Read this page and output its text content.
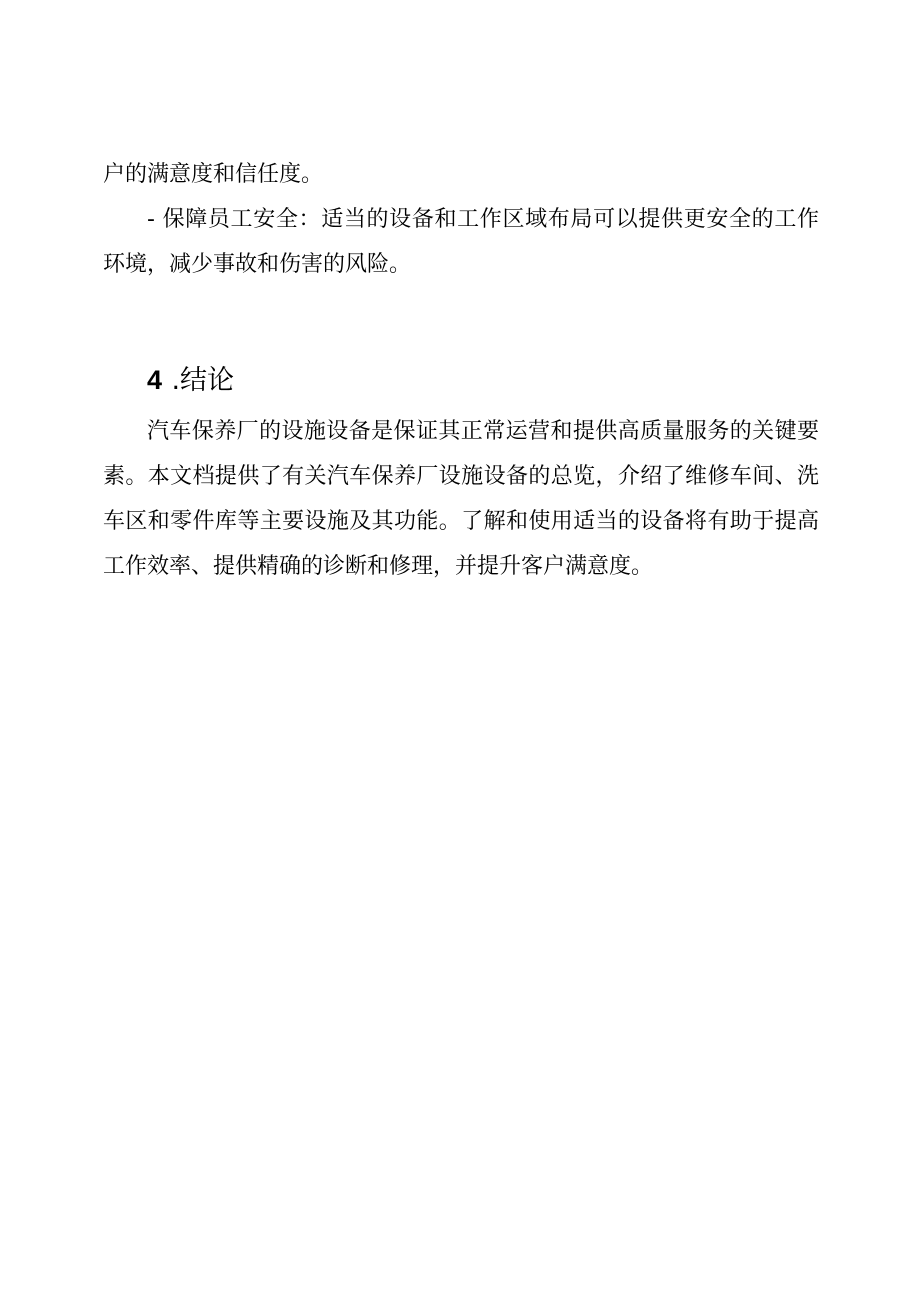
户的满意度和信任度。

- 保障员工安全：适当的设备和工作区域布局可以提供更安全的工作环境，减少事故和伤害的风险。

4 .结论

汽车保养厂的设施设备是保证其正常运营和提供高质量服务的关键要素。本文档提供了有关汽车保养厂设施设备的总览，介绍了维修车间、洗车区和零件库等主要设施及其功能。了解和使用适当的设备将有助于提高工作效率、提供精确的诊断和修理，并提升客户满意度。
